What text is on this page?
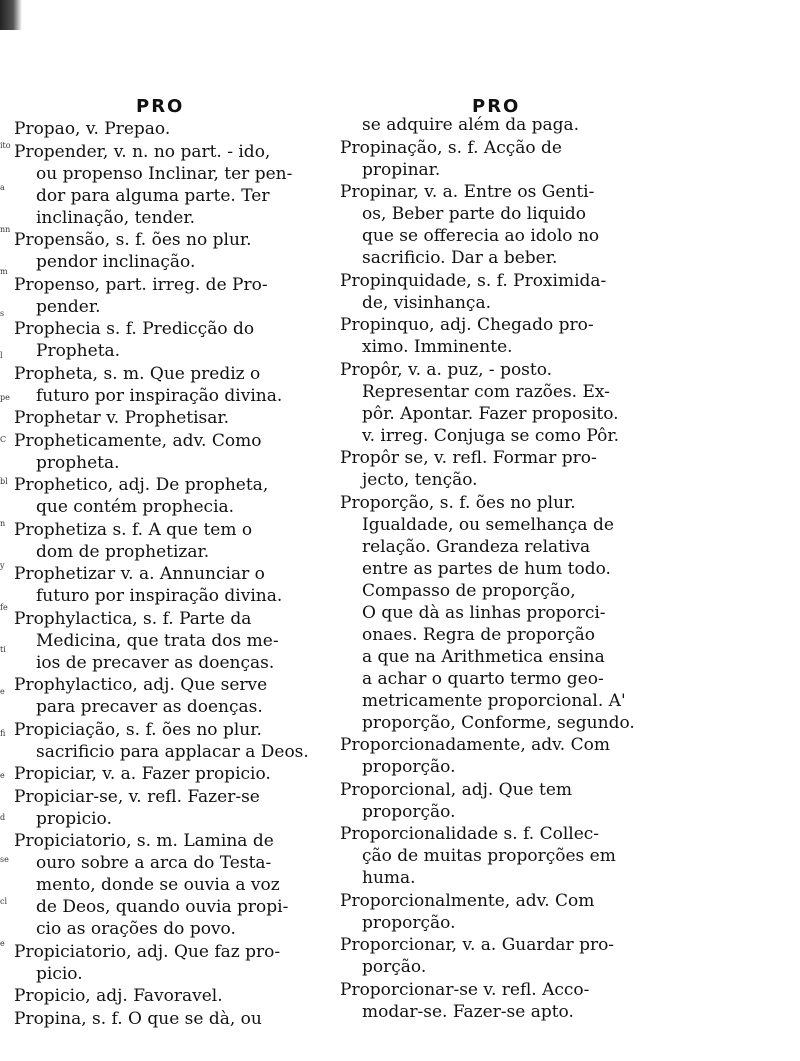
ito
a
nn
m
s
l
pe
C
bl
n
y
fe
ti
e
fi
e
d
se
cl
e
PRO
Propao, v. Prepao.
Propender, v. n. no part. - ido,
ou propenso Inclinar, ter pen-
dor para alguma parte. Ter
inclinação, tender.
Propensão, s. f. ões no plur.
pendor inclinação.
Propenso, part. irreg. de Pro-
pender.
Prophecia s. f. Predicção do
Propheta.
Propheta, s. m. Que prediz o
futuro por inspiração divina.
Prophetar v. Prophetisar.
Propheticamente, adv. Como
propheta.
Prophetico, adj. De propheta,
que contém prophecia.
Prophetiza s. f. A que tem o
dom de prophetizar.
Prophetizar v. a. Annunciar o
futuro por inspiração divina.
Prophylactica, s. f. Parte da
Medicina, que trata dos me-
ios de precaver as doenças.
Prophylactico, adj. Que serve
para precaver as doenças.
Propiciação, s. f. ões no plur.
sacrificio para applacar a Deos.
Propiciar, v. a. Fazer propicio.
Propiciar-se, v. refl. Fazer-se
propicio.
Propiciatorio, s. m. Lamina de
ouro sobre a arca do Testa-
mento, donde se ouvia a voz
de Deos, quando ouvia propi-
cio as orações do povo.
Propiciatorio, adj. Que faz pro-
picio.
Propicio, adj. Favoravel.
Propina, s. f. O que se dà, ou
PRO
se adquire além da paga.
Propinação, s. f. Acção de
propinar.
Propinar, v. a. Entre os Genti-
os, Beber parte do liquido
que se offerecia ao idolo no
sacrificio. Dar a beber.
Propinquidade, s. f. Proximida-
de, visinhança.
Propinquo, adj. Chegado pro-
ximo. Imminente.
Propôr, v. a. puz, - posto.
Representar com razões. Ex-
pôr. Apontar. Fazer proposito.
v. irreg. Conjuga se como Pôr.
Propôr se, v. refl. Formar pro-
jecto, tenção.
Proporção, s. f. ões no plur.
Igualdade, ou semelhança de
relação. Grandeza relativa
entre as partes de hum todo.
Compasso de proporção,
O que dà as linhas proporci-
onaes. Regra de proporção
a que na Arithmetica ensina
a achar o quarto termo geo-
metricamente proporcional. A'
proporção, Conforme, segundo.
Proporcionadamente, adv. Com
proporção.
Proporcional, adj. Que tem
proporção.
Proporcionalidade s. f. Collec-
ção de muitas proporções em
huma.
Proporcionalmente, adv. Com
proporção.
Proporcionar, v. a. Guardar pro-
porção.
Proporcionar-se v. refl. Acco-
modar-se. Fazer-se apto.
